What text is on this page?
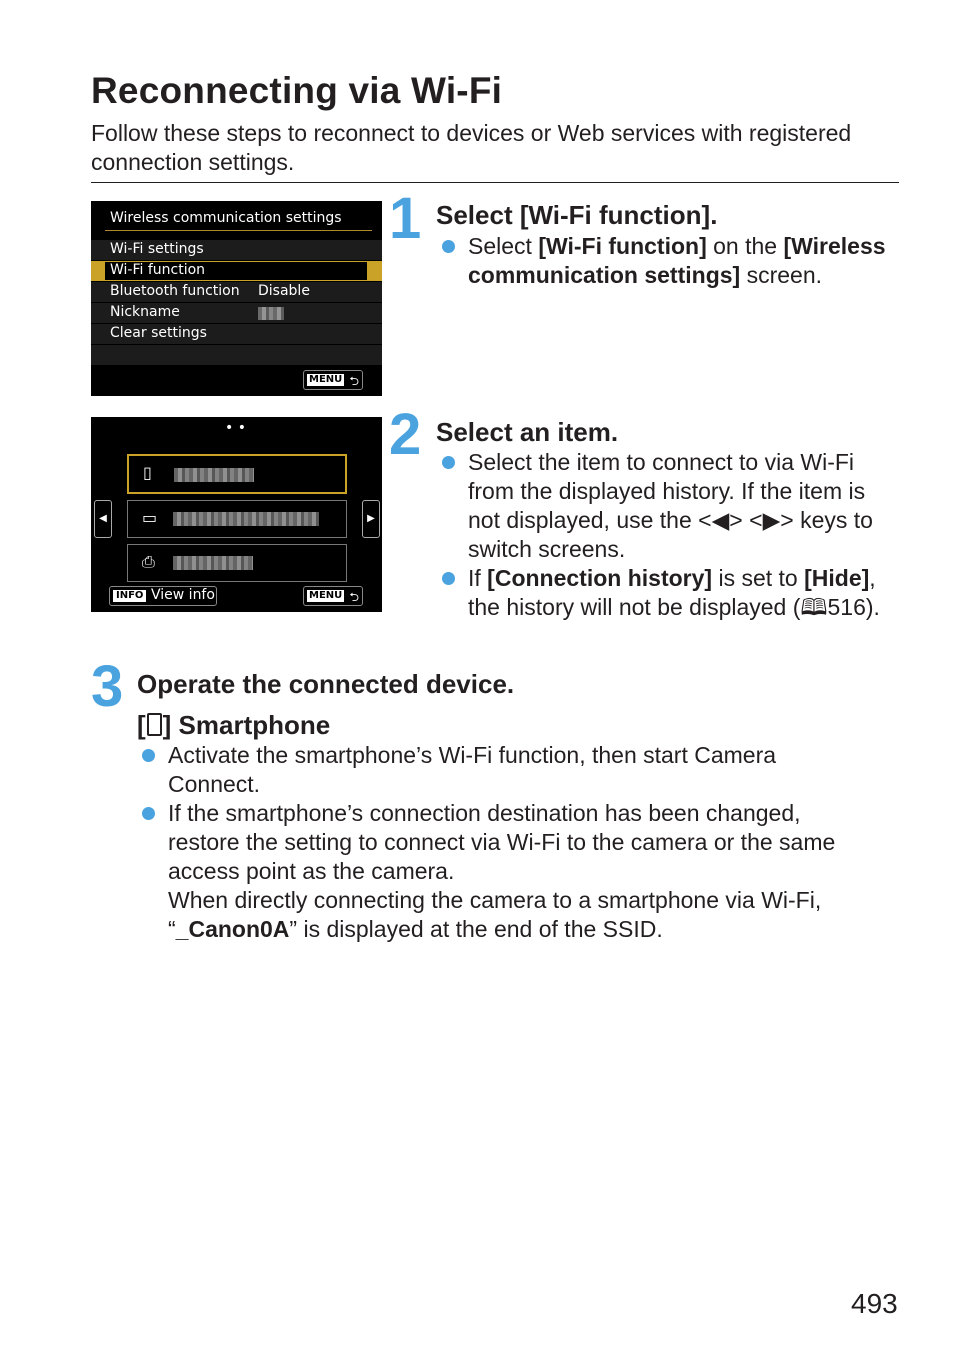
Reconnecting via Wi-Fi
Follow these steps to reconnect to devices or Web services with registered connection settings.
Wireless communication settings
Wi-Fi settings
Wi-Fi function
Bluetooth function Disable
Nickname
Clear settings
MENU ⮌
1 Select [Wi-Fi function].
Select [Wi-Fi function] on the [Wireless communication settings] screen.
• •
◀	▶
▯
▭
⎙
INFO View info	MENU ⮌
2 Select an item.
Select the item to connect to via Wi-Fi from the displayed history. If the item is not displayed, use the <◀> <▶> keys to switch screens.
If [Connection history] is set to [Hide], the history will not be displayed (🕮516).
3 Operate the connected device.
[ ] Smartphone
Activate the smartphone’s Wi-Fi function, then start Camera Connect.
If the smartphone’s connection destination has been changed, restore the setting to connect via Wi-Fi to the camera or the same access point as the camera.
When directly connecting the camera to a smartphone via Wi-Fi, “_Canon0A” is displayed at the end of the SSID.
493
